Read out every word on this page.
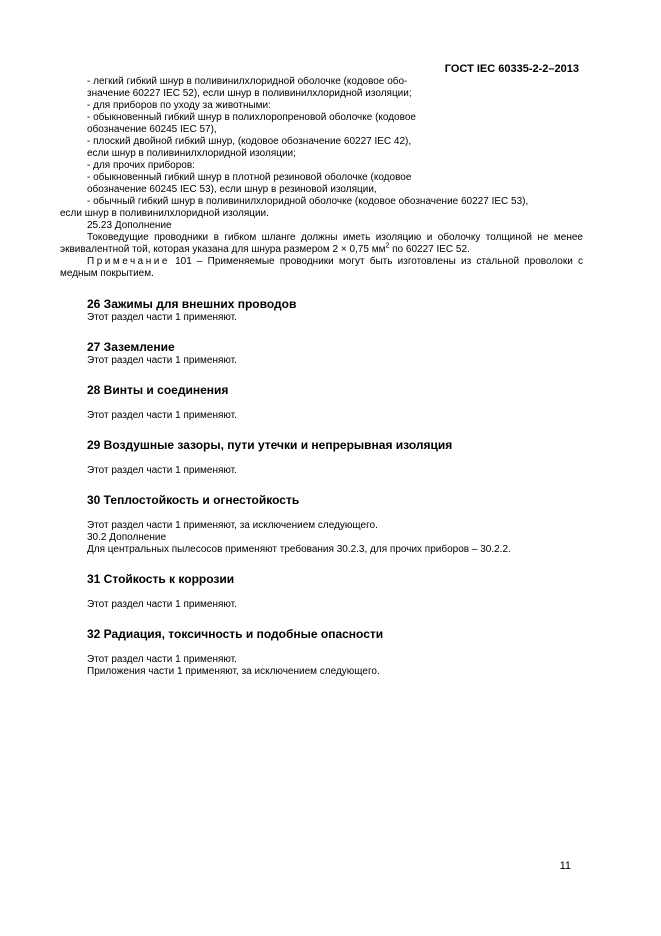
ГОСТ IEC 60335-2-2–2013
- легкий гибкий шнур в поливинилхлоридной оболочке (кодовое обо-
значение 60227 IEC 52), если шнур в поливинилхлоридной изоляции;
- для приборов по уходу за животными:
- обыкновенный гибкий шнур в полихлоропреновой оболочке (кодовое
обозначение 60245 IEC 57),
- плоский двойной гибкий шнур, (кодовое обозначение 60227 IEC 42),
если шнур в поливинилхлоридной изоляции;
- для прочих приборов:
- обыкновенный гибкий шнур в плотной резиновой оболочке (кодовое
обозначение 60245 IEC 53), если шнур в резиновой изоляции,
- обычный гибкий шнур в поливинилхлоридной оболочке (кодовое обозначение 60227 IEC 53),
если шнур в поливинилхлоридной изоляции.
25.23 Дополнение
Токоведущие проводники в гибком шланге должны иметь изоляцию и оболочку толщиной не менее эквивалентной той, которая указана для шнура размером 2 × 0,75 $мм^2$ по 60227 IEC 52.
Примечание 101 – Применяемые проводники могут быть изготовлены из стальной проволоки с медным покрытием.
26 Зажимы для внешних проводов
Этот раздел части 1 применяют.
27 Заземление
Этот раздел части 1 применяют.
28 Винты и соединения
Этот раздел части 1 применяют.
29 Воздушные зазоры, пути утечки и непрерывная изоляция
Этот раздел части 1 применяют.
30 Теплостойкость и огнестойкость
Этот раздел части 1 применяют, за исключением следующего.
30.2 Дополнение
Для центральных пылесосов применяют требования 30.2.3, для прочих приборов – 30.2.2.
31 Стойкость к коррозии
Этот раздел части 1 применяют.
32 Радиация, токсичность и подобные опасности
Этот раздел части 1 применяют.
Приложения части 1 применяют, за исключением следующего.
11
